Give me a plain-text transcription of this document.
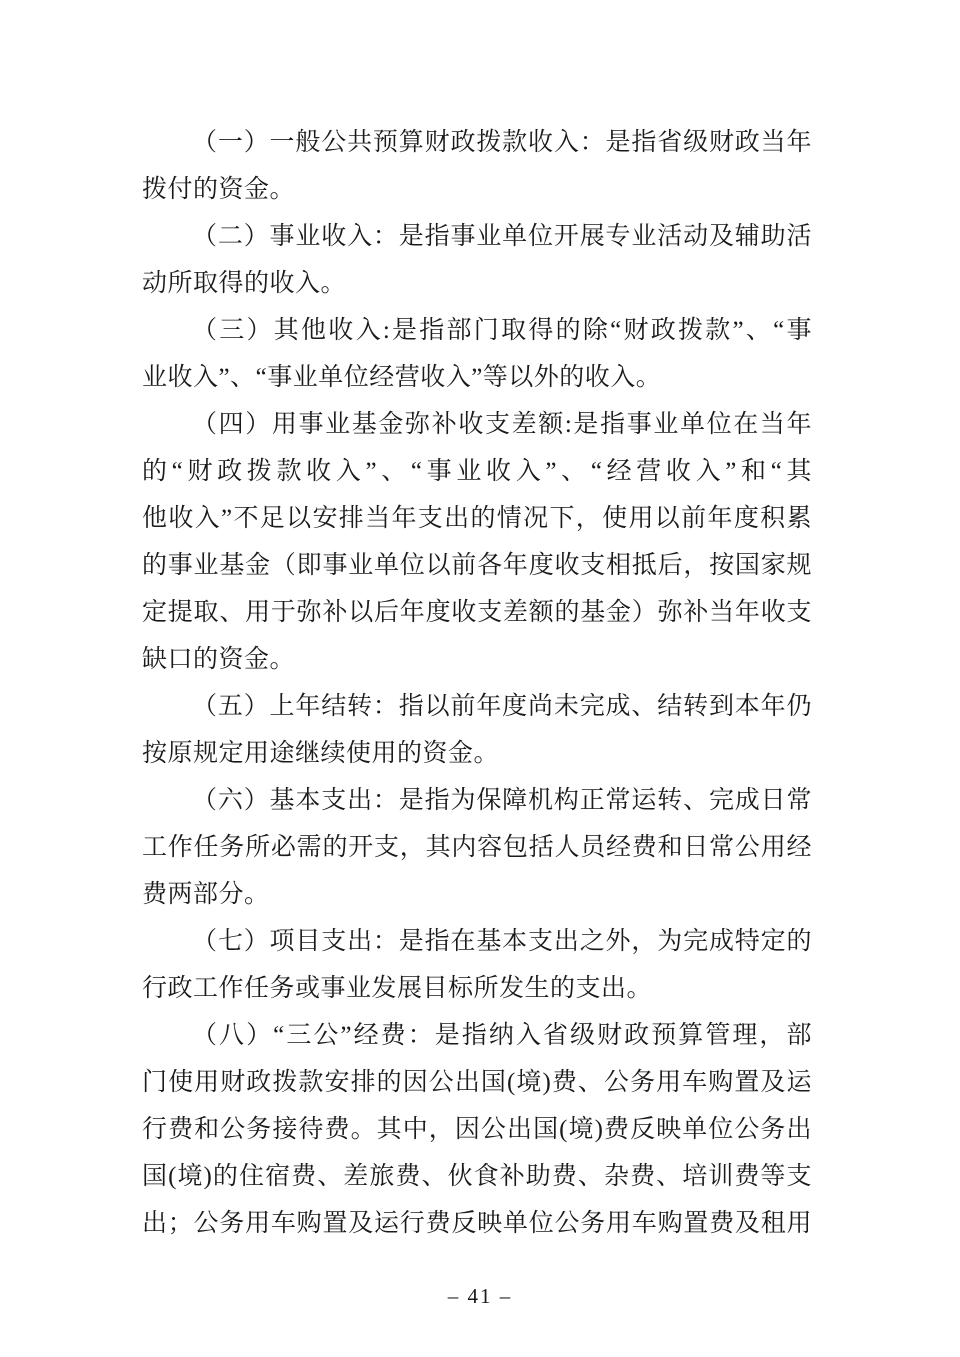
（一）一般公共预算财政拨款收入：是指省级财政当年
拨付的资金。
（二）事业收入：是指事业单位开展专业活动及辅助活
动所取得的收入。
（三）其他收入:是指部门取得的除“财政拨款”、“事
业收入”、“事业单位经营收入”等以外的收入。
（四）用事业基金弥补收支差额:是指事业单位在当年
的“财政拨款收入”、“事业收入”、“经营收入”和“其
他收入”不足以安排当年支出的情况下，使用以前年度积累
的事业基金（即事业单位以前各年度收支相抵后，按国家规
定提取、用于弥补以后年度收支差额的基金）弥补当年收支
缺口的资金。
（五）上年结转：指以前年度尚未完成、结转到本年仍
按原规定用途继续使用的资金。
（六）基本支出：是指为保障机构正常运转、完成日常
工作任务所必需的开支，其内容包括人员经费和日常公用经
费两部分。
（七）项目支出：是指在基本支出之外，为完成特定的
行政工作任务或事业发展目标所发生的支出。
（八）“三公”经费：是指纳入省级财政预算管理，部
门使用财政拨款安排的因公出国(境)费、公务用车购置及运
行费和公务接待费。其中，因公出国(境)费反映单位公务出
国(境)的住宿费、差旅费、伙食补助费、杂费、培训费等支
出；公务用车购置及运行费反映单位公务用车购置费及租用
– 41 –
